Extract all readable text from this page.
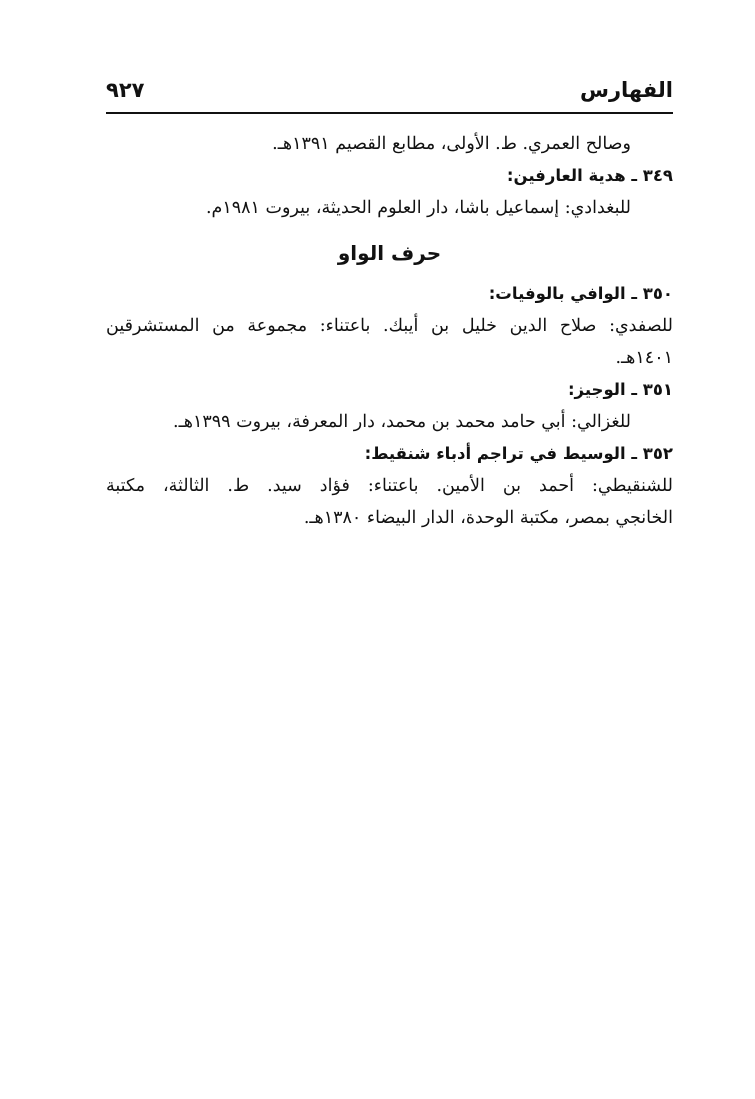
الفهارس
٩٢٧
وصالح العمري. ط. الأولى، مطابع القصيم ١٣٩١هـ.
٣٤٩ ـ هدية العارفين:
للبغدادي: إسماعيل باشا، دار العلوم الحديثة، بيروت ١٩٨١م.
حرف الواو
٣٥٠ ـ الوافي بالوفيات:
للصفدي: صلاح الدين خليل بن أيبك. باعتناء: مجموعة من المستشرقين
١٤٠١هـ.
٣٥١ ـ الوجيز:
للغزالي: أبي حامد محمد بن محمد، دار المعرفة، بيروت ١٣٩٩هـ.
٣٥٢ ـ الوسيط في تراجم أدباء شنقيط:
للشنقيطي: أحمد بن الأمين. باعتناء: فؤاد سيد. ط. الثالثة، مكتبة
الخانجي بمصر، مكتبة الوحدة، الدار البيضاء ١٣٨٠هـ.
